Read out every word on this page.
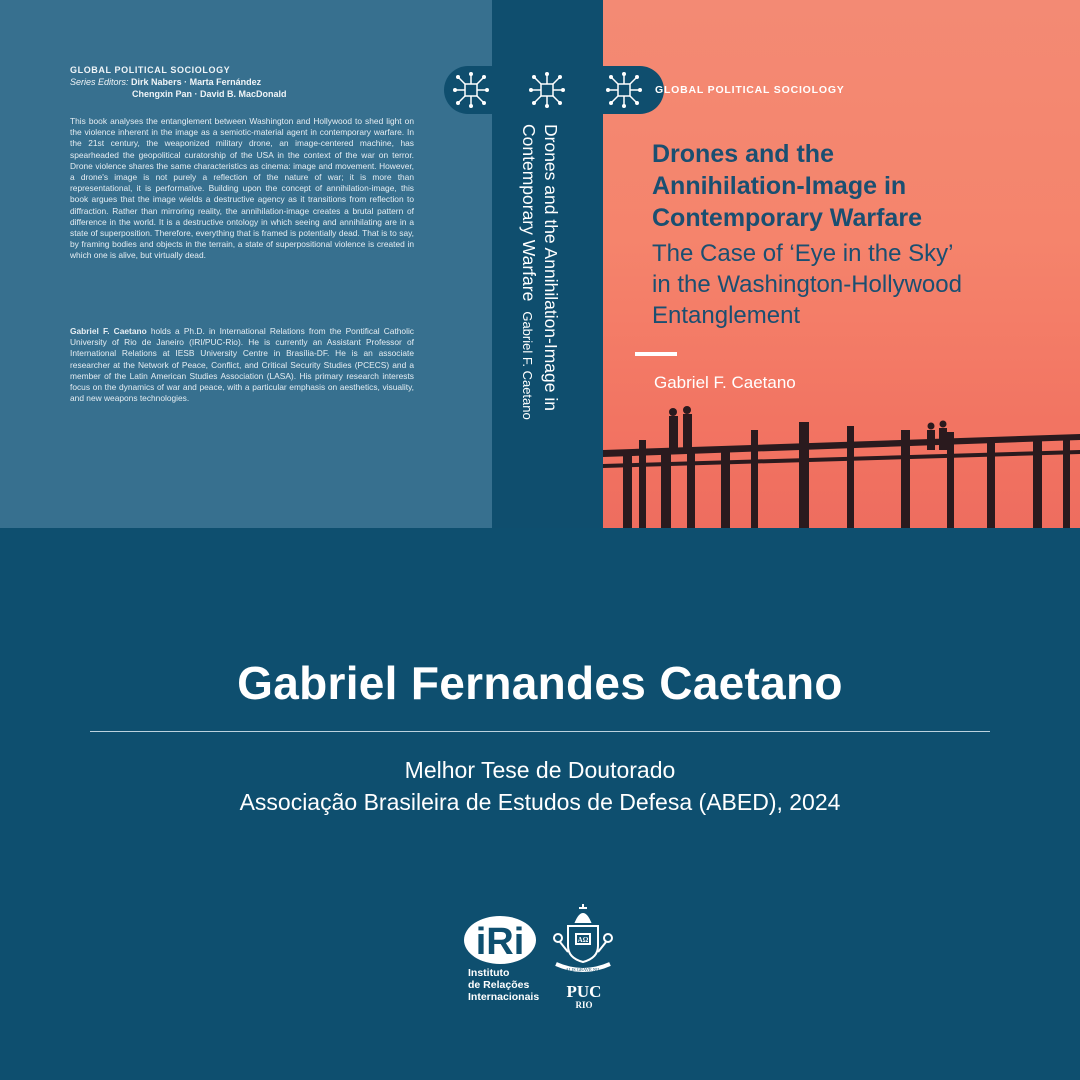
GLOBAL POLITICAL SOCIOLOGY
Series Editors: Dirk Nabers · Marta Fernández
Chengxin Pan · David B. MacDonald

This book analyses the entanglement between Washington and Hollywood to shed light on the violence inherent in the image as a semiotic-material agent in contemporary warfare. In the 21st century, the weaponized military drone, an image-centered machine, has spearheaded the geopolitical curatorship of the USA in the context of the war on terror. Drone violence shares the same characteristics as cinema: image and movement. However, a drone's image is not purely a reflection of the nature of war; it is more than representational, it is performative. Building upon the concept of annihilation-image, this book argues that the image wields a destructive agency as it transitions from reflection to diffraction. Rather than mirroring reality, the annihilation-image creates a brutal pattern of difference in the world. It is a destructive ontology in which seeing and annihilating are in a state of superposition. Therefore, everything that is framed is potentially dead. That is to say, by framing bodies and objects in the terrain, a state of superpositional violence is created in which one is alive, but virtually dead.

Gabriel F. Caetano holds a Ph.D. in International Relations from the Pontifical Catholic University of Rio de Janeiro (IRI/PUC-Rio). He is currently an Assistant Professor of International Relations at IESB University Centre in Brasília-DF. He is an associate researcher at the Network of Peace, Conflict, and Critical Security Studies (PCECS) and a member of the Latin American Studies Association (LASA). His primary research interests focus on the dynamics of war and peace, with a particular emphasis on aesthetics, visuality, and new weapons technologies.	Drones and the Annihilation-Image in
Contemporary WarfareGabriel F. Caetano
GLOBAL POLITICAL SOCIOLOGY
Drones and the
Annihilation-Image in
Contemporary Warfare
The Case of ‘Eye in the Sky’
in the Washington-Hollywood
Entanglement
Gabriel F. Caetano
Gabriel Fernandes Caetano
Melhor Tese de Doutorado
Associação Brasileira de Estudos de Defesa (ABED), 2024
iRi
Instituto
de Relações
Internacionais
AΩ
ALIS GRAVE NIL
PUC
RIO
